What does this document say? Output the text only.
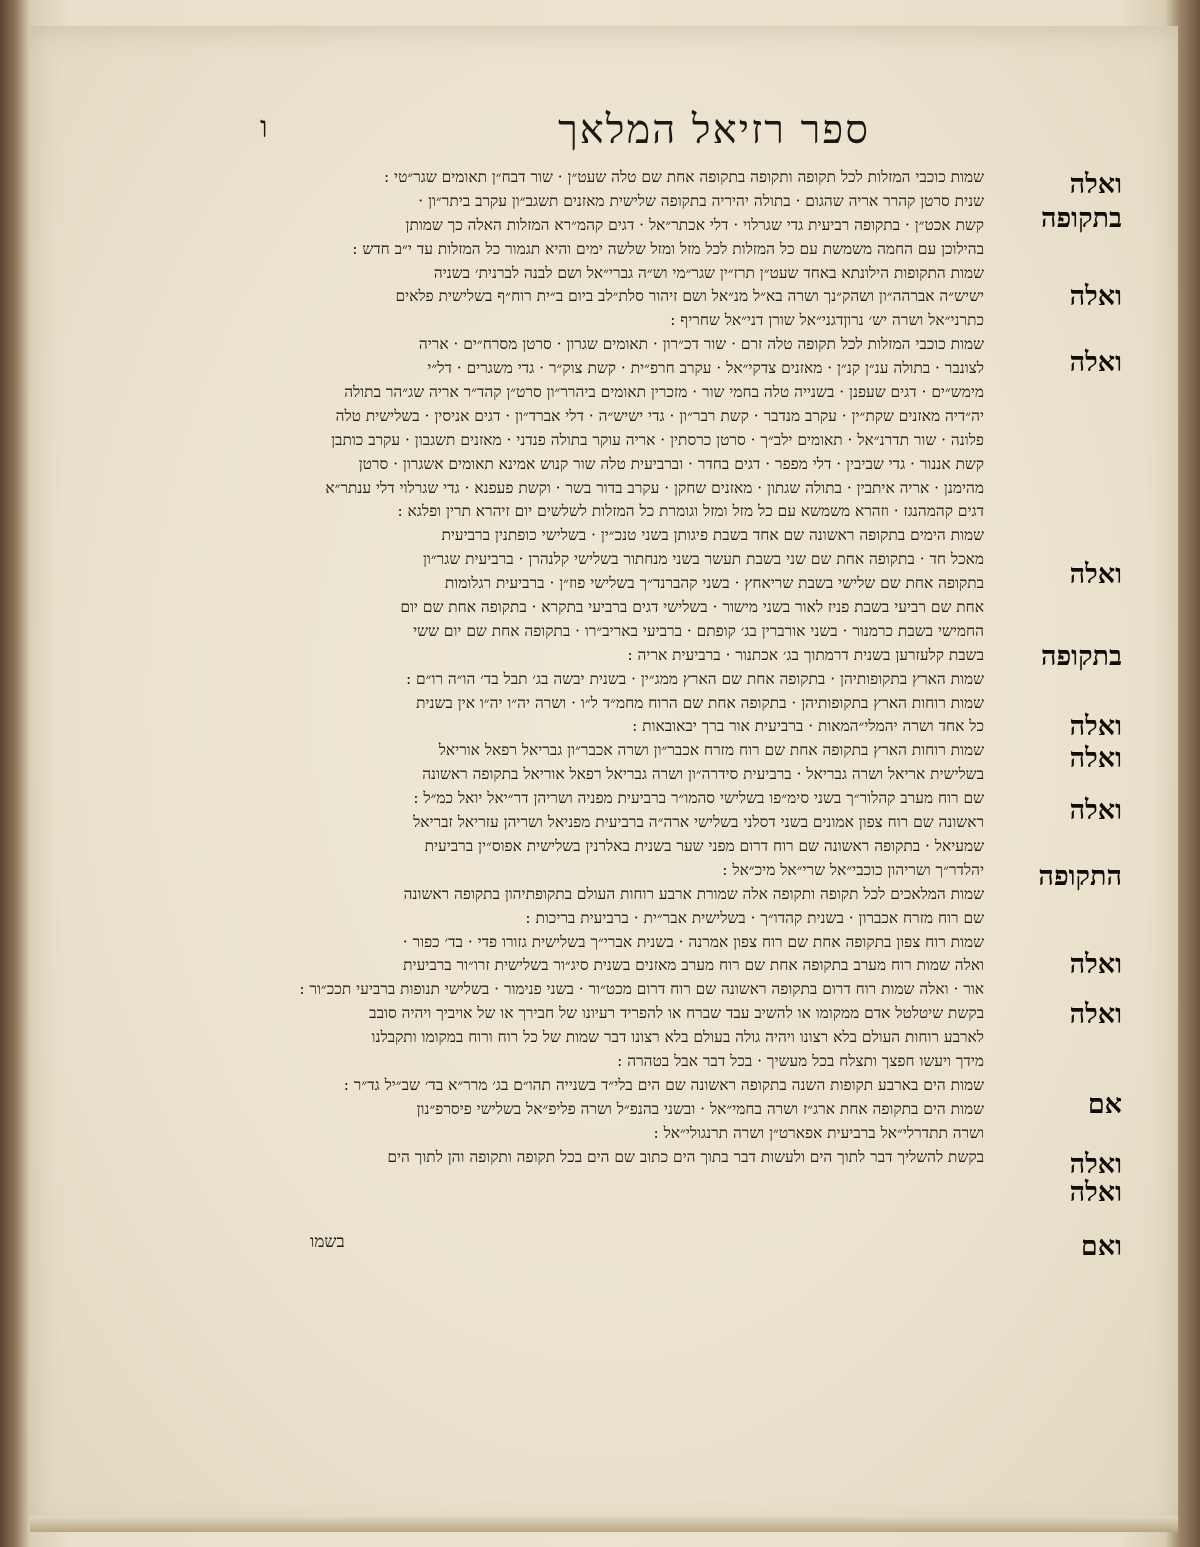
ספר רזיאל המלאך
ו
שמות כוכבי המזלות לכל תקופה ותקופה בתקופה אחת שם טלה שעט״ן · שור דבח״ן תאומים שגר״טי :
שנית סרטן קהרר אריה שהגום · בתולה יהיריה בתקופה שלישית מאזנים תשגב״ון עקרב ביתר״ון ·
קשת אכט״ן · בתקופה רביעית גדי שגרלוי · דלי אכתר״אל · דגים קהמ״רא המזלות האלה כך שמותן
בהילוכן עם החמה משמשת עם כל המזלות לכל מזל ומזל שלשה ימים והיא תגמור כל המזלות עד י״ב חדש :
שמות התקופות הילונתא באחד שעט״ן תרז״ין שגר״מי וש״ה גברי״אל ושם לבנה לברנית׳ בשניה
ישיש״ה אברהה״ון ושהק״נך ושרה בא״ל מנ״אל ושם זיהור סלת״לב ביום ב״ית רוח״ף בשלישית פלאים
כתרני״אל ושרה יש׳ נרוןדגני״אל שורן דני״אל שחריף :
שמות כוכבי המזלות לכל תקופה טלה זרם · שור דכ״רון · תאומים שגרון · סרטן מסרח״ים · אריה
לצונבר · בתולה ענ״ן קנ״ן · מאזנים צדקי״אל · עקרב חרפ״ית · קשת צוק״ר · גדי משגרים · דל״י
מימש״ים · דגים שעפנן · בשנייה טלה בחמי שור · מזכרין תאומים ביהרר״ון סרט״ן קהד״ר אריה שג״הר בתולה
יה״דיה מאזנים שקת״ין · עקרב מנדבר · קשת רבר״ון · גדי ישיש״ה · דלי אברד״ון · דגים אניסין · בשלישית טלה
פלונה · שור תדרנ״אל · תאומים ילב״ך · סרטן כרסתין · אריה עוקר בתולה פנדני · מאזנים תשגבון · עקרב כותבן
קשת אננור · גדי שביבין · דלי מפפר · דגים בחדר · וברביעית טלה שור קנוש אמינא תאומים אשגרון · סרטן
מהימנן · אריה איתבין · בתולה שגתון · מאזנים שחקן · עקרב בדור בשר · וקשת פעפנא · גדי שגרלוי דלי ענתר״א
דגים קהמהנגז · וזהרא משמשא עם כל מזל ומזל וגומרת כל המזלות לשלשים יום זיהרא תרין ופלגא :
שמות הימים בתקופה ראשונה שם אחד בשבת פיגותן בשני טנכ״ין · בשלישי כופתנין ברביעית
מאכל חד · בתקופה אחת שם שני בשבת תעשר בשני מנחתור בשלישי קלנהרן · ברביעית שגר״ון
בתקופה אחת שם שלישי בשבת שריאחץ · בשני קהברנד״ך בשלישי פוז״ן · ברביעית רגלומות
אחת שם רביעי בשבת פניז לאור בשני מישור · בשלישי דגים ברביעי בתקרא · בתקופה אחת שם יום
החמישי בשבת כרמנור · בשני אורברין בג׳ קופתם · ברביעי באריב״רו · בתקופה אחת שם יום ששי
בשבת קלעזרען בשנית דרמתוך בג׳ אכתנור · ברביעית אריה :
שמות הארץ בתקופותיהן · בתקופה אחת שם הארץ ממג״ין · בשנית יבשה בג׳ תבל בד׳ הו״ה רו״ם :
שמות רוחות הארץ בתקופותיהן · בתקופה אחת שם הרוח מחמ״ד ל״ו · ושרה יה״ו יה״ו אין בשנית
כל אחד ושרה יהמלי״המאות · ברביעית אור ברך יבאובאות :
שמות רוחות הארץ בתקופה אחת שם רוח מזרח אכבר״ון ושרה אכבר״ון גבריאל רפאל אוריאל
בשלישית אריאל ושרה גבריאל · ברביעית סידרה״ון ושרה גבריאל רפאל אוריאל בתקופה ראשונה
שם רוח מערב קהלור״ך בשני סימ״פו בשלישי סהמו״ר ברביעית מפניה ושריהן דר״יאל יואל כמ״ל :
ראשונה שם רוח צפון אמונים בשני דסלני בשלישי ארה״ה ברביעית מפניאל ושריהן עזריאל זבריאל
שמעיאל · בתקופה ראשונה שם רוח דרום מפני שער בשנית באלרנין בשלישית אפוס״ין ברביעית
יהלדר״ך ושריהון כוכבי״אל שרי״אל מיכ״אל :
שמות המלאכים לכל תקופה ותקופה אלה שמורת ארבע רוחות העולם בתקופתיהון בתקופה ראשונה
שם רוח מזרח אכברון · בשנית קהדו״ך · בשלישית אבר״ית · ברביעית בריכות :
שמות רוח צפון בתקופה אחת שם רוח צפון אמרנה · בשנית אברי״ך בשלישית גזורו פדי · בד׳ כפור ·
ואלה שמות רוח מערב בתקופה אחת שם רוח מערב מאזנים בשנית סיג״ור בשלישית זרו״ור ברביעית
אור · ואלה שמות רוח דרום בתקופה ראשונה שם רוח דרום מכט״ור · בשני פנימור · בשלישי תנופות ברביעי תככ״ור :
בקשת שיטלטל אדם ממקומו או להשיב עבד שברח או להפריד רעיונו של חבירך או של אויביך ויהיה סובב
לארבע רוחות העולם בלא רצונו ויהיה גולה בעולם בלא רצונו דבר שמות של כל רוח ורוח במקומו ותקבלנו
מידך ויעשו חפצך ותצלח בכל מעשיך · בכל דבר אבל בטהרה :
שמות הים בארבע תקופות השנה בתקופה ראשונה שם הים בלי״ד בשנייה תהו״ם בג׳ מרר״א בד׳ שב״יל גד״ר :
שמות הים בתקופה אחת ארג״ז ושרה בחמי״אל · ובשני בהנפ״ל ושרה פליפ״אל בשלישי פיסרפ״נון
ושרה תתדרלי״אל ברביעית אפארט״ן ושרה תרנגולי״אל :
בקשת להשליך דבר לתוך הים ולעשות דבר בתוך הים כתוב שם הים בכל תקופה ותקופה והן לתוך הים
בשמו
ואלה
בתקופה
ואלה
ואלה
ואלה
בתקופה
ואלה
ואלה
ואלה
התקופה
ואלה
ואלה
אם
ואלה
ואלה
ואם
